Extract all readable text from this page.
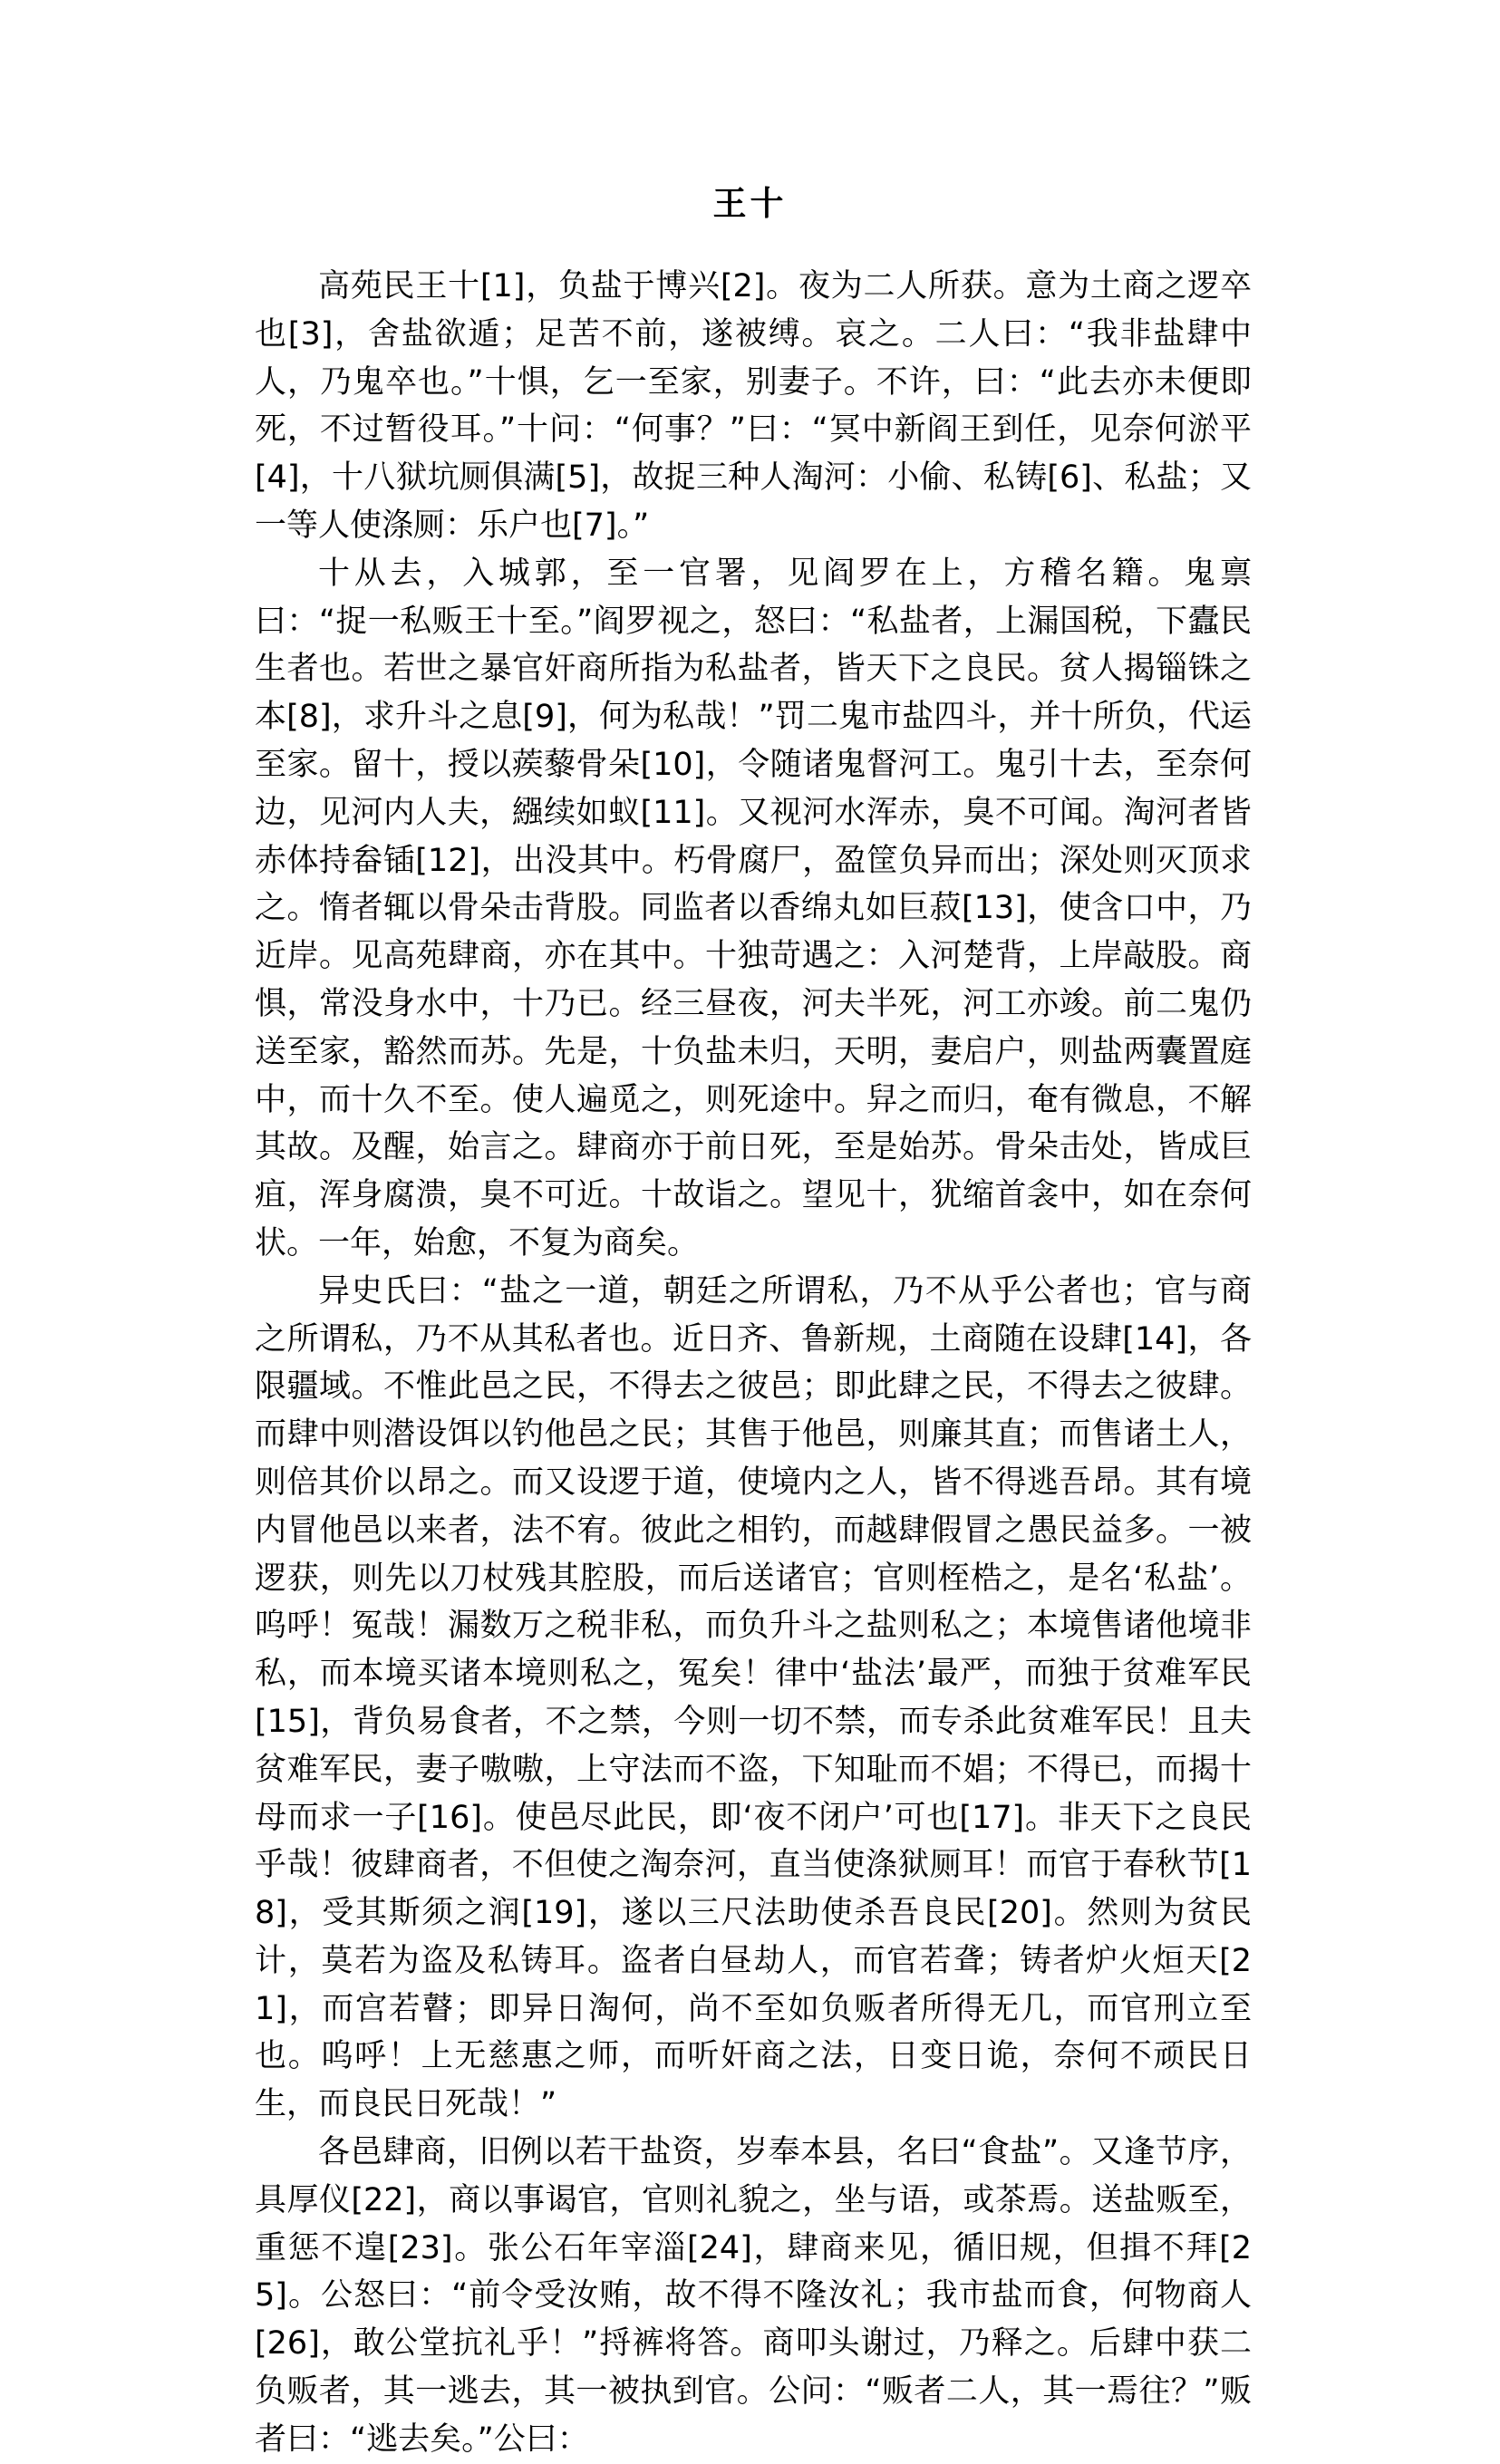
王十

高苑民王十[1]，负盐于博兴[2]。夜为二人所获。意为土商之逻卒也[3]，舍盐欲遁；足苦不前，遂被缚。哀之。二人曰：“我非盐肆中人，乃鬼卒也。”十惧，乞一至家，别妻子。不许，曰：“此去亦未便即死，不过暂役耳。”十问：“何事？”曰：“冥中新阎王到任，见奈何淤平[4]，十八狱坑厕俱满[5]，故捉三种人淘河：小偷、私铸[6]、私盐；又一等人使涤厕：乐户也[7]。”

十从去，入城郭，至一官署，见阎罗在上，方稽名籍。鬼禀曰：“捉一私贩王十至。”阎罗视之，怒曰：“私盐者，上漏国税，下蠹民生者也。若世之暴官奸商所指为私盐者，皆天下之良民。贫人揭锱铢之本[8]，求升斗之息[9]，何为私哉！”罚二鬼市盐四斗，并十所负，代运至家。留十，授以蒺藜骨朵[10]，令随诸鬼督河工。鬼引十去，至奈何边，见河内人夫，繦续如蚁[11]。又视河水浑赤，臭不可闻。淘河者皆赤体持畚锸[12]，出没其中。朽骨腐尸，盈筐负异而出；深处则灭顶求之。惰者辄以骨朵击背股。同监者以香绵丸如巨菽[13]，使含口中，乃近岸。见高苑肆商，亦在其中。十独苛遇之：入河楚背，上岸敲股。商惧，常没身水中，十乃已。经三昼夜，河夫半死，河工亦竣。前二鬼仍送至家，豁然而苏。先是，十负盐未归，天明，妻启户，则盐两囊置庭中，而十久不至。使人遍觅之，则死途中。舁之而归，奄有微息，不解其故。及醒，始言之。肆商亦于前日死，至是始苏。骨朵击处，皆成巨疽，浑身腐溃，臭不可近。十故诣之。望见十，犹缩首衾中，如在奈何状。一年，始愈，不复为商矣。

异史氏曰：“盐之一道，朝廷之所谓私，乃不从乎公者也；官与商之所谓私，乃不从其私者也。近日齐、鲁新规，土商随在设肆[14]，各限疆域。不惟此邑之民，不得去之彼邑；即此肆之民，不得去之彼肆。而肆中则潜设饵以钓他邑之民；其售于他邑，则廉其直；而售诸土人，则倍其价以昂之。而又设逻于道，使境内之人，皆不得逃吾昂。其有境内冒他邑以来者，法不宥。彼此之相钓，而越肆假冒之愚民益多。一被逻获，则先以刀杖残其腔股，而后送诸官；官则桎梏之，是名‘私盐’。呜呼！冤哉！漏数万之税非私，而负升斗之盐则私之；本境售诸他境非私，而本境买诸本境则私之，冤矣！律中‘盐法’最严，而独于贫难军民[15]，背负易食者，不之禁，今则一切不禁，而专杀此贫难军民！且夫贫难军民，妻子嗷嗷，上守法而不盗，下知耻而不娼；不得已，而揭十母而求一子[16]。使邑尽此民，即‘夜不闭户’可也[17]。非天下之良民乎哉！彼肆商者，不但使之淘奈河，直当使涤狱厕耳！而官于春秋节[18]，受其斯须之润[19]，遂以三尺法助使杀吾良民[20]。然则为贫民计，莫若为盗及私铸耳。盗者白昼劫人，而官若聋；铸者炉火烜天[21]，而宫若瞽；即异日淘何，尚不至如负贩者所得无几，而官刑立至也。呜呼！上无慈惠之师，而听奸商之法，日变日诡，奈何不顽民日生，而良民日死哉！”

各邑肆商，旧例以若干盐资，岁奉本县，名曰“食盐”。又逢节序，具厚仪[22]，商以事谒官，官则礼貌之，坐与语，或茶焉。送盐贩至，重惩不遑[23]。张公石年宰淄[24]，肆商来见，循旧规，但揖不拜[25]。公怒曰：“前令受汝贿，故不得不隆汝礼；我市盐而食，何物商人[26]，敢公堂抗礼乎！”捋裤将答。商叩头谢过，乃释之。后肆中获二负贩者，其一逃去，其一被执到官。公问：“贩者二人，其一焉往？”贩者曰：“逃去矣。”公曰：
